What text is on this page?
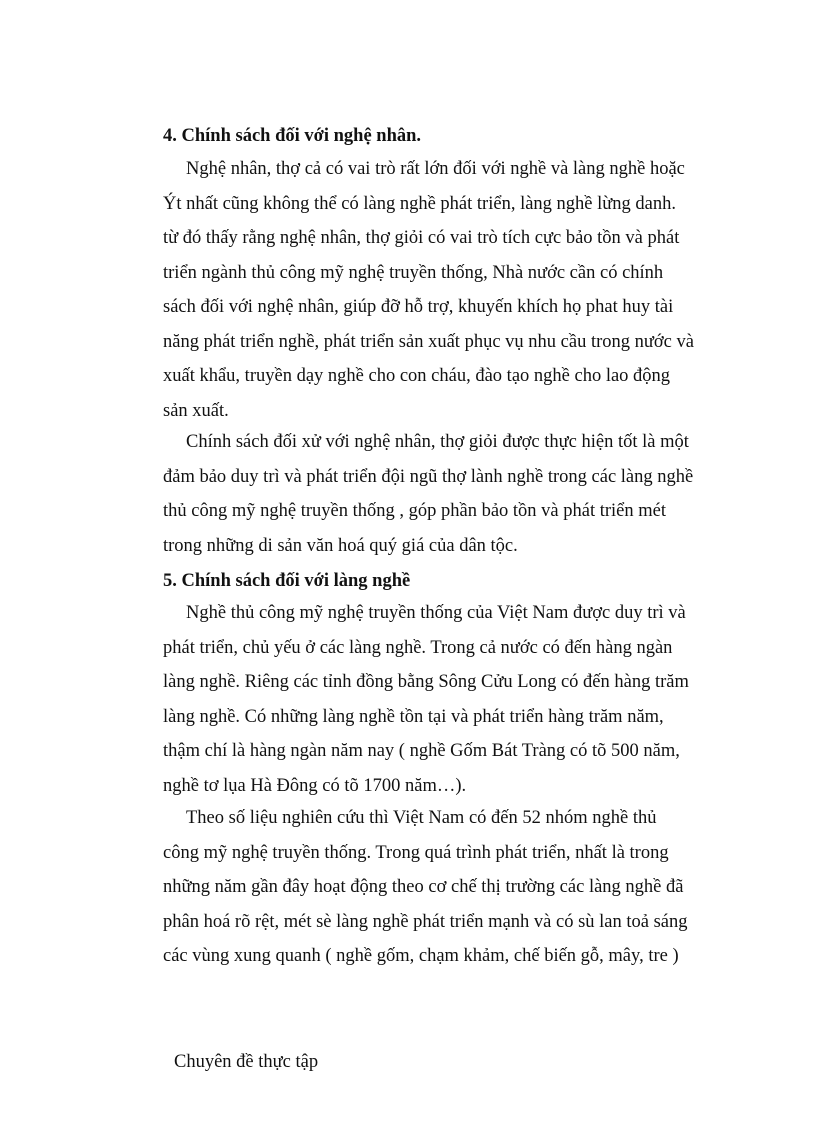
4. Chính sách đối với nghệ nhân.
Nghệ nhân, thợ cả có vai trò rất lớn đối với nghề và làng nghề hoặc
Ýt nhất cũng không thể có làng nghề phát triển, làng nghề lừng danh.
từ đó thấy rằng nghệ nhân, thợ giỏi có vai trò tích cực bảo tồn và phát
triển ngành thủ công mỹ nghệ truyền thống, Nhà nước cần có chính
sách đối với nghệ nhân, giúp đỡ hỗ trợ, khuyến khích họ phat huy tài
năng phát triển nghề, phát triển sản xuất phục vụ nhu cầu trong nước và
xuất khẩu, truyền dạy nghề cho con cháu, đào tạo nghề cho lao động
sản xuất.
Chính sách đối xử với nghệ nhân, thợ giỏi được thực hiện tốt là một
đảm bảo duy trì và phát triển đội ngũ thợ lành nghề trong các làng nghề
thủ công mỹ nghệ truyền thống , góp phần bảo tồn và phát triển mét
trong những di sản văn hoá quý giá của dân tộc.
5. Chính sách đối với làng nghề
Nghề thủ công mỹ nghệ truyền thống của Việt Nam được duy trì và
phát triển, chủ yếu ở các làng nghề. Trong cả nước có đến hàng ngàn
làng nghề. Riêng các tỉnh đồng bằng Sông Cửu Long có đến hàng trăm
làng nghề. Có những làng nghề tồn tại và phát triển hàng trăm năm,
thậm chí là hàng ngàn năm nay ( nghề Gốm Bát Tràng có tõ 500 năm,
nghề tơ lụa Hà Đông có tõ 1700 năm…).
Theo số liệu nghiên cứu thì Việt Nam có đến 52 nhóm nghề thủ
công mỹ nghệ truyền thống. Trong quá trình phát triển, nhất là trong
những năm gần đây hoạt động theo cơ chế thị trường các làng nghề đã
phân hoá rõ rệt, mét sè làng nghề phát triển mạnh và có sù lan toả sáng
các vùng xung quanh ( nghề gốm, chạm khảm, chế biến gỗ, mây, tre )
Chuyên đề thực tập
